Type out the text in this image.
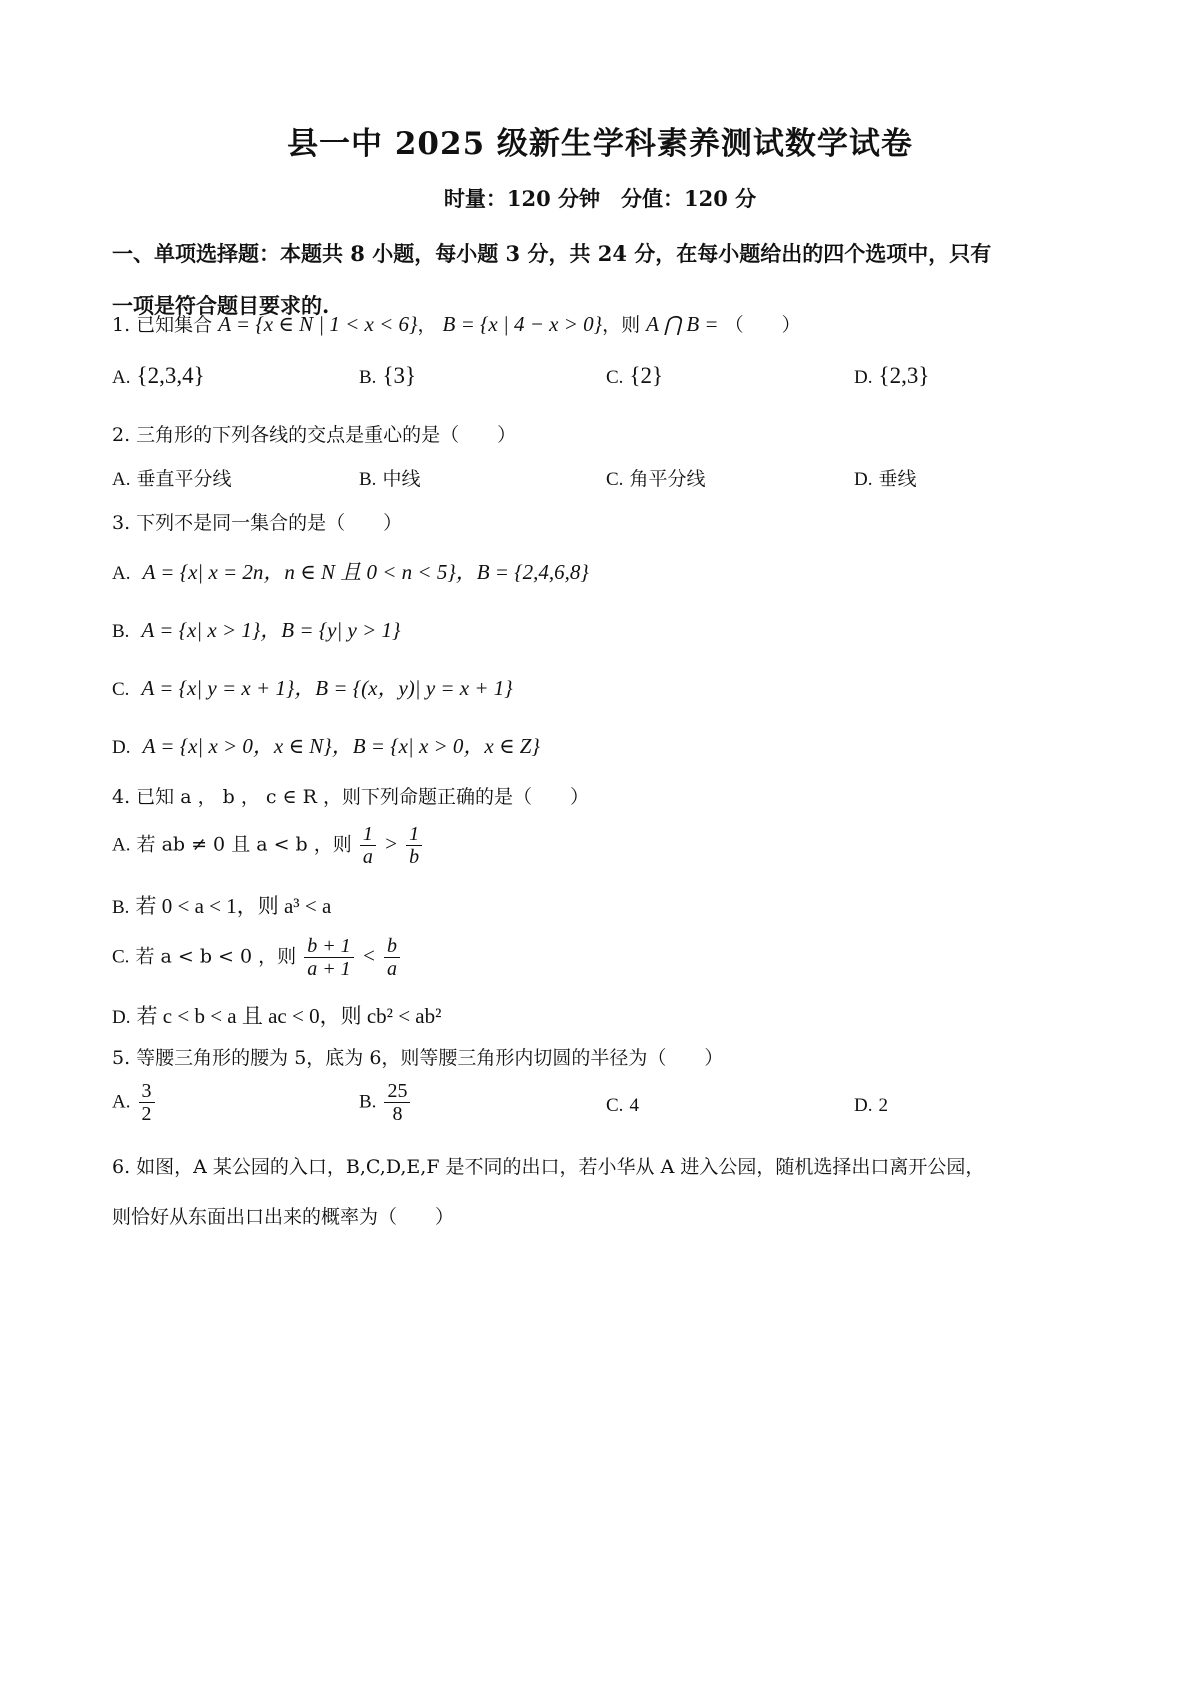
县一中 2025 级新生学科素养测试数学试卷
时量：120 分钟　分值：120 分
一、单项选择题：本题共 8 小题，每小题 3 分，共 24 分，在每小题给出的四个选项中，只有
一项是符合题目要求的.
1. 已知集合 A = {x ∈ N | 1 < x < 6}， B = {x | 4 − x > 0}，则 A ⋂ B = （　　）
A. {2,3,4}	B. {3}	C. {2}	D. {2,3}
2. 三角形的下列各线的交点是重心的是（　　）
A. 垂直平分线	B. 中线	C. 角平分线	D. 垂线
3. 下列不是同一集合的是（　　）
A. A = {x| x = 2n，n ∈ N 且 0 < n < 5}，B = {2,4,6,8}
B. A = {x| x > 1}，B = {y| y > 1}
C. A = {x| y = x + 1}，B = {(x，y)| y = x + 1}
D. A = {x| x > 0，x ∈ N}，B = {x| x > 0，x ∈ Z}
4. 已知 a ， b ， c ∈ R ，则下列命题正确的是（　　）
A. 若 ab ≠ 0 且 a < b ，则 $\frac{1}{a} > \frac{1}{b}$
B. 若 0 < a < 1，则 a³ < a
C. 若 a < b < 0 ，则 $\frac{b + 1}{a + 1} < \frac{b}{a}$
D. 若 c < b < a 且 ac < 0，则 cb² < ab²
5. 等腰三角形的腰为 5，底为 6，则等腰三角形内切圆的半径为（　　）
A. $\frac{3}{2}$	B. $\frac{25}{8}$	C. 4	D. 2
6. 如图，A 某公园的入口，B,C,D,E,F 是不同的出口，若小华从 A 进入公园，随机选择出口离开公园，
则恰好从东面出口出来的概率为（　　）
